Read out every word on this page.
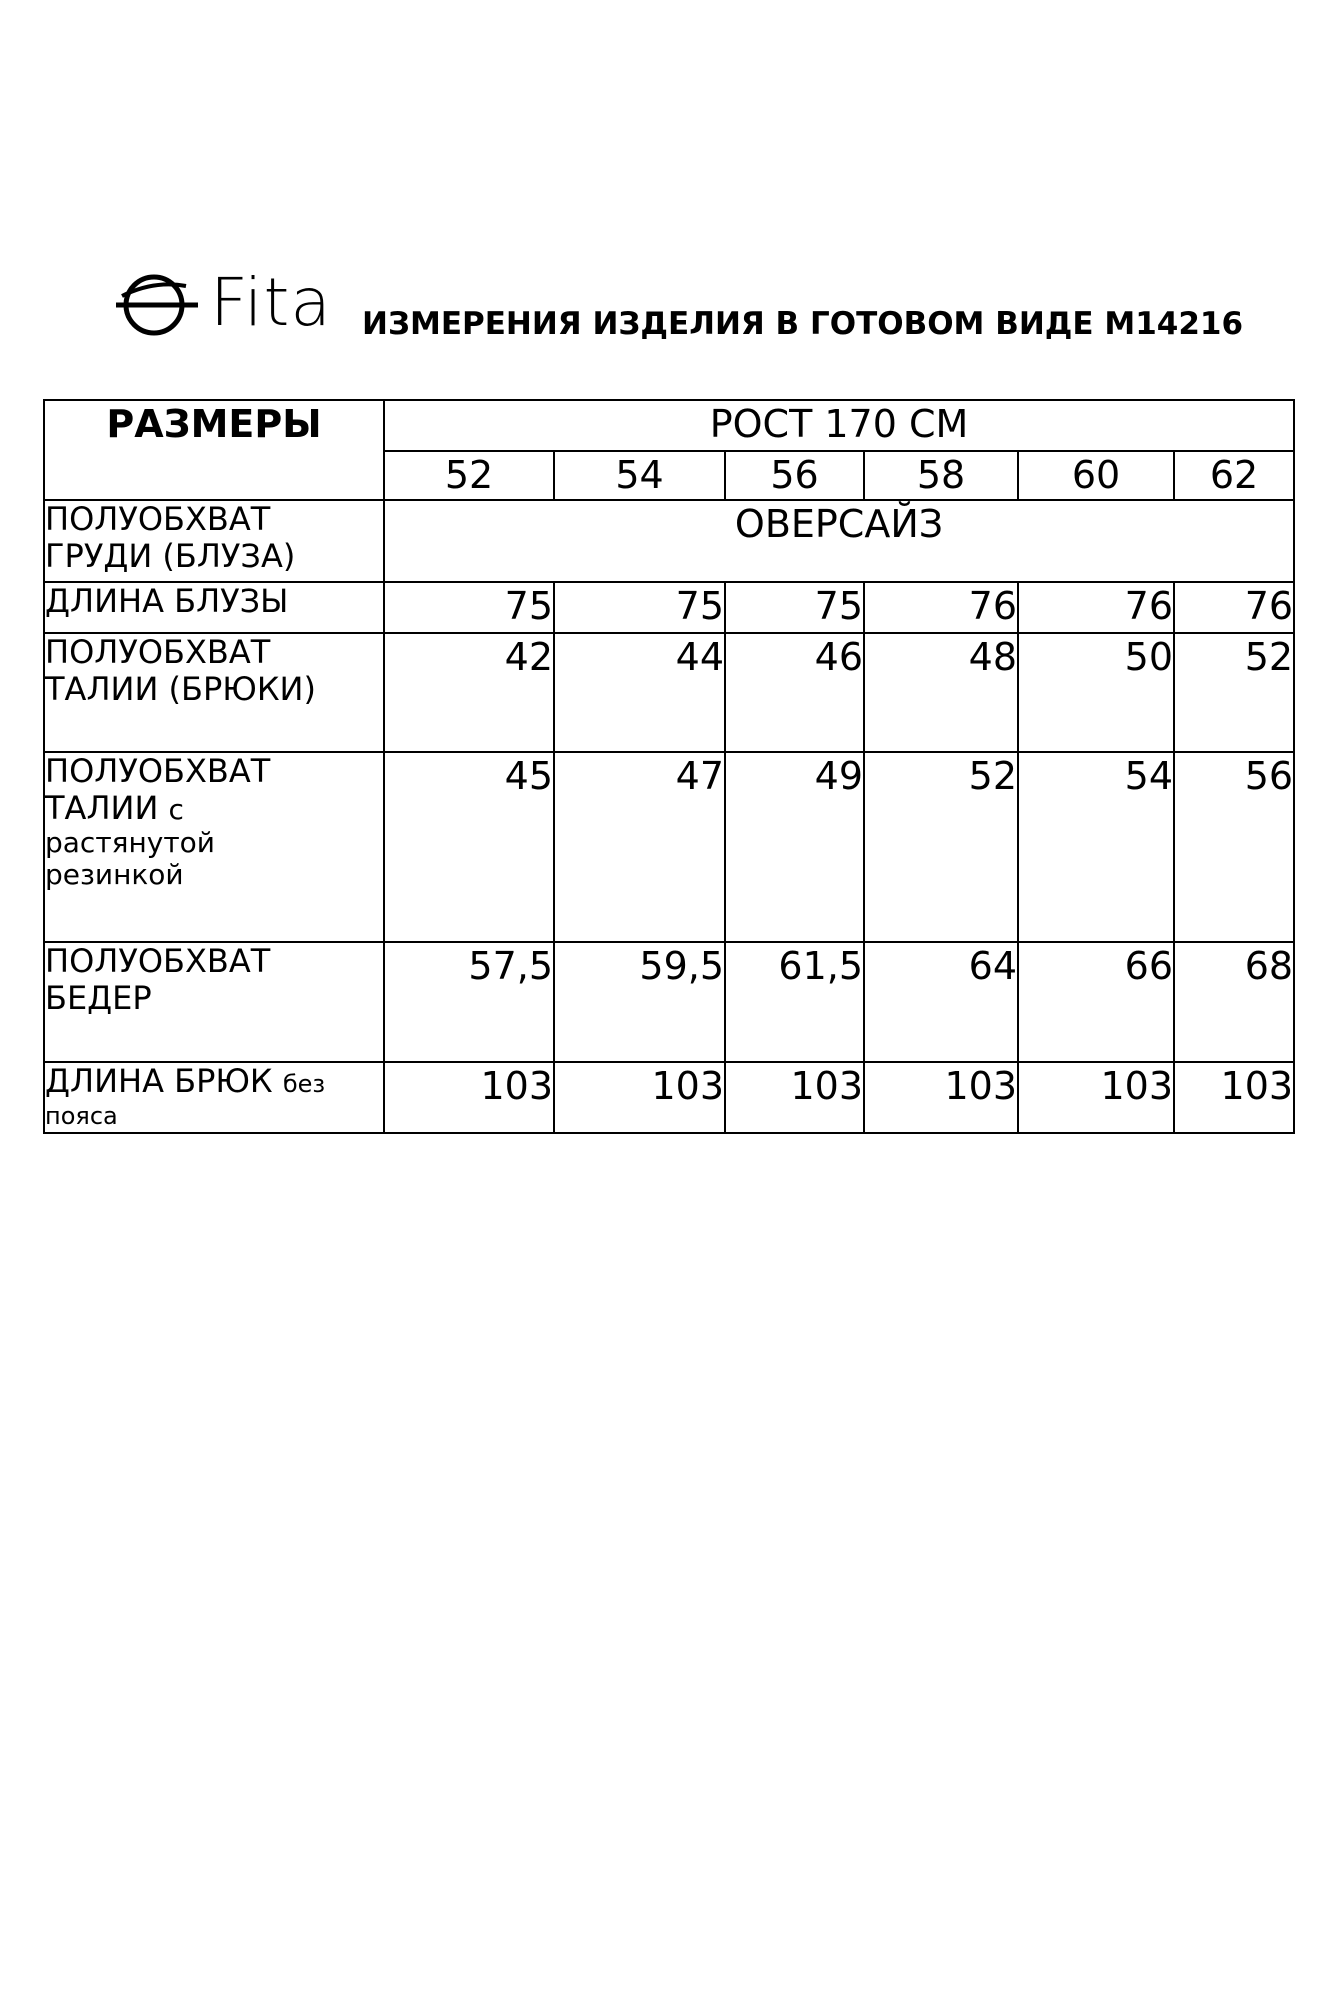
Fita ИЗМЕРЕНИЯ ИЗДЕЛИЯ В ГОТОВОМ ВИДЕ М14216
РАЗМЕРЫ	РОСТ 170 СМ					
	52	54	56	58	60	62

ПОЛУОБХВАТ
ГРУДИ (БЛУЗА)	ОВЕРСАЙЗ					

ДЛИНА БЛУЗЫ	75	75	75	76	76	76

ПОЛУОБХВАТ
ТАЛИИ (БРЮКИ)	42	44	46	48	50	52

ПОЛУОБХВАТ
ТАЛИИ с
растянутой
резинкой	45	47	49	52	54	56

ПОЛУОБХВАТ
БЕДЕР	57,5	59,5	61,5	64	66	68

ДЛИНА БРЮК без
пояса	103	103	103	103	103	103
